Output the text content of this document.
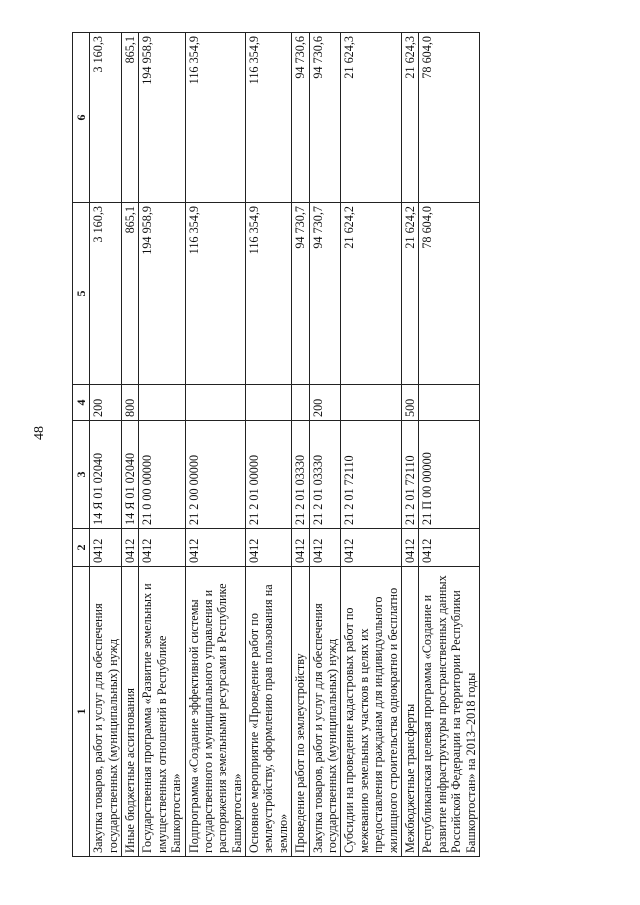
48
1	2	3	4	5	6
Закупка товаров, работ и услуг для обеспечения государственных (муниципальных) нужд	0412	14 Я 01 02040	200	3 160,3	3 160,3
Иные бюджетные ассигнования	0412	14 Я 01 02040	800	865,1	865,1
Государственная программа «Развитие земельных и имущественных отношений в Республике Башкортостан»	0412	21 0 00 00000		194 958,9	194 958,9
Подпрограмма «Создание эффективной системы государственного и муниципального управления и распоряжения земельными ресурсами в Республике Башкортостан»	0412	21 2 00 00000		116 354,9	116 354,9
Основное мероприятие «Проведение работ по землеустройству, оформлению прав пользования на землю»	0412	21 2 01 00000		116 354,9	116 354,9
Проведение работ по землеустройству	0412	21 2 01 03330		94 730,7	94 730,6
Закупка товаров, работ и услуг для обеспечения государственных (муниципальных) нужд	0412	21 2 01 03330	200	94 730,7	94 730,6
Субсидии на проведение кадастровых работ по межеванию земельных участков в целях их предоставления гражданам для индивидуального жилищного строительства однократно и бесплатно	0412	21 2 01 72110		21 624,2	21 624,3
Межбюджетные трансферты	0412	21 2 01 72110	500	21 624,2	21 624,3
Республиканская целевая программа «Создание и развитие инфраструктуры пространственных данных Российской Федерации на территории Республики Башкортостан» на 2013–2018 годы	0412	21 П 00 00000		78 604,0	78 604,0
